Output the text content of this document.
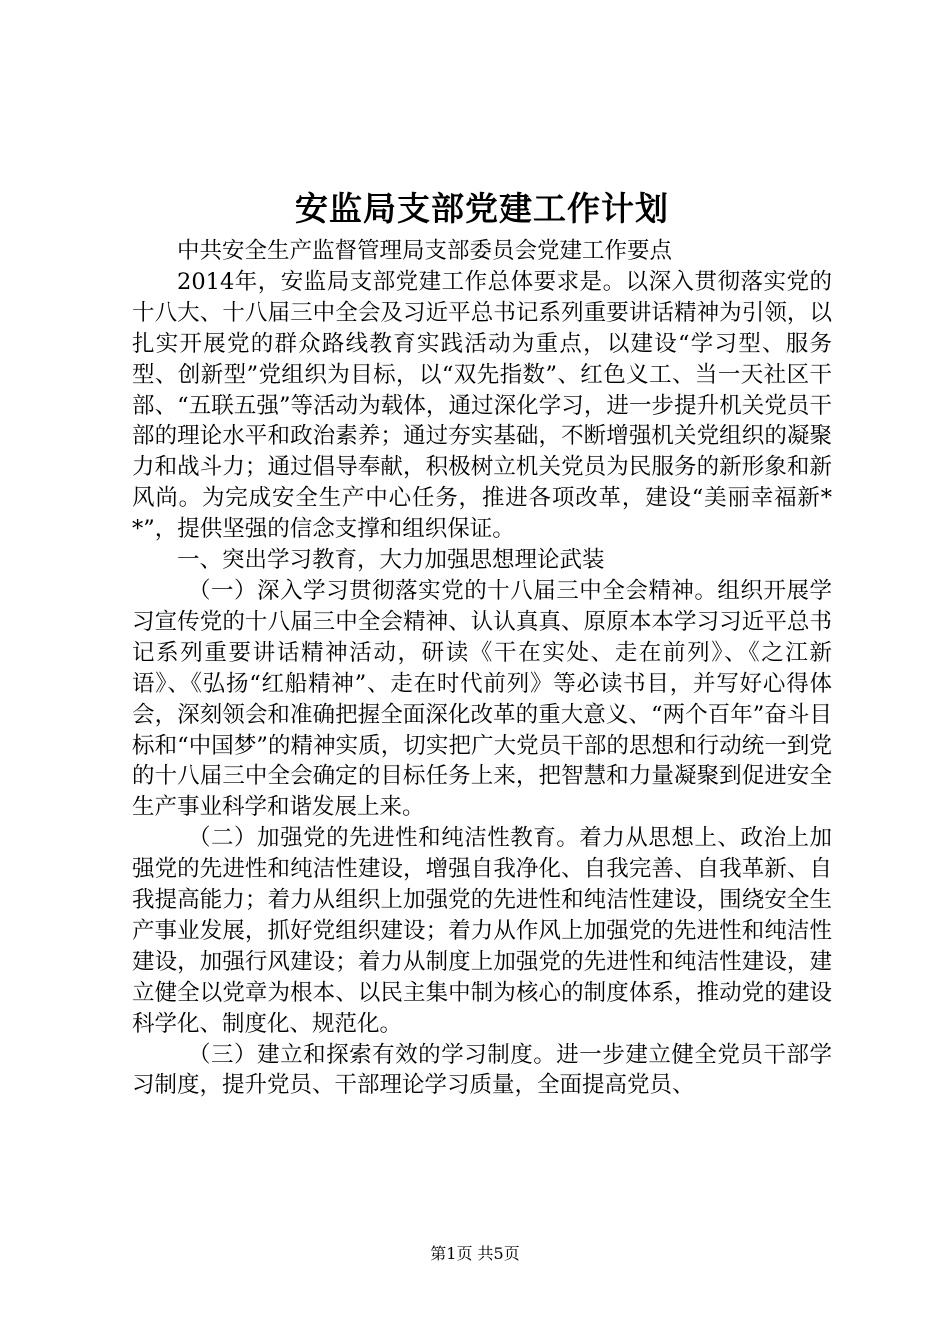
安监局支部党建工作计划

中共安全生产监督管理局支部委员会党建工作要点

2014年，安监局支部党建工作总体要求是。以深入贯彻落实党的十八大、十八届三中全会及习近平总书记系列重要讲话精神为引领，以扎实开展党的群众路线教育实践活动为重点，以建设“学习型、服务型、创新型”党组织为目标，以“双先指数”、红色义工、当一天社区干部、“五联五强”等活动为载体，通过深化学习，进一步提升机关党员干部的理论水平和政治素养；通过夯实基础，不断增强机关党组织的凝聚力和战斗力；通过倡导奉献，积极树立机关党员为民服务的新形象和新风尚。为完成安全生产中心任务，推进各项改革，建设“美丽幸福新**”，提供坚强的信念支撑和组织保证。

一、突出学习教育，大力加强思想理论武装

（一）深入学习贯彻落实党的十八届三中全会精神。组织开展学习宣传党的十八届三中全会精神、认认真真、原原本本学习习近平总书记系列重要讲话精神活动，研读《干在实处、走在前列》、《之江新语》、《弘扬“红船精神”、走在时代前列》等必读书目，并写好心得体会，深刻领会和准确把握全面深化改革的重大意义、“两个百年”奋斗目标和“中国梦”的精神实质，切实把广大党员干部的思想和行动统一到党的十八届三中全会确定的目标任务上来，把智慧和力量凝聚到促进安全生产事业科学和谐发展上来。

（二）加强党的先进性和纯洁性教育。着力从思想上、政治上加强党的先进性和纯洁性建设，增强自我净化、自我完善、自我革新、自我提高能力；着力从组织上加强党的先进性和纯洁性建设，围绕安全生产事业发展，抓好党组织建设；着力从作风上加强党的先进性和纯洁性建设，加强行风建设；着力从制度上加强党的先进性和纯洁性建设，建立健全以党章为根本、以民主集中制为核心的制度体系，推动党的建设科学化、制度化、规范化。

（三）建立和探索有效的学习制度。进一步建立健全党员干部学习制度，提升党员、干部理论学习质量，全面提高党员、

第1页 共5页
